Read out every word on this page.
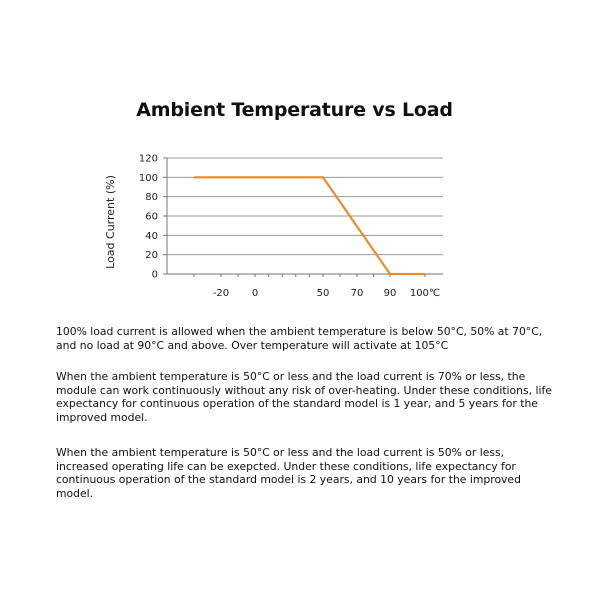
Ambient Temperature vs Load
0
20
40
60
80
100
120
-20 0	50 70 90 100℃
Load Current (%)

100% load current is allowed when the ambient temperature is below 50°C, 50% at 70°C, and no load at 90°C and above. Over temperature will activate at 105°C

When the ambient temperature is 50°C or less and the load current is 70% or less, the module can work continuously without any risk of over-heating. Under these conditions, life expectancy for continuous operation of the standard model is 1 year, and 5 years for the improved model.

When the ambient temperature is 50°C or less and the load current is 50% or less, increased operating life can be exepcted. Under these conditions, life expectancy for continuous operation of the standard model is 2 years, and 10 years for the improved model.
